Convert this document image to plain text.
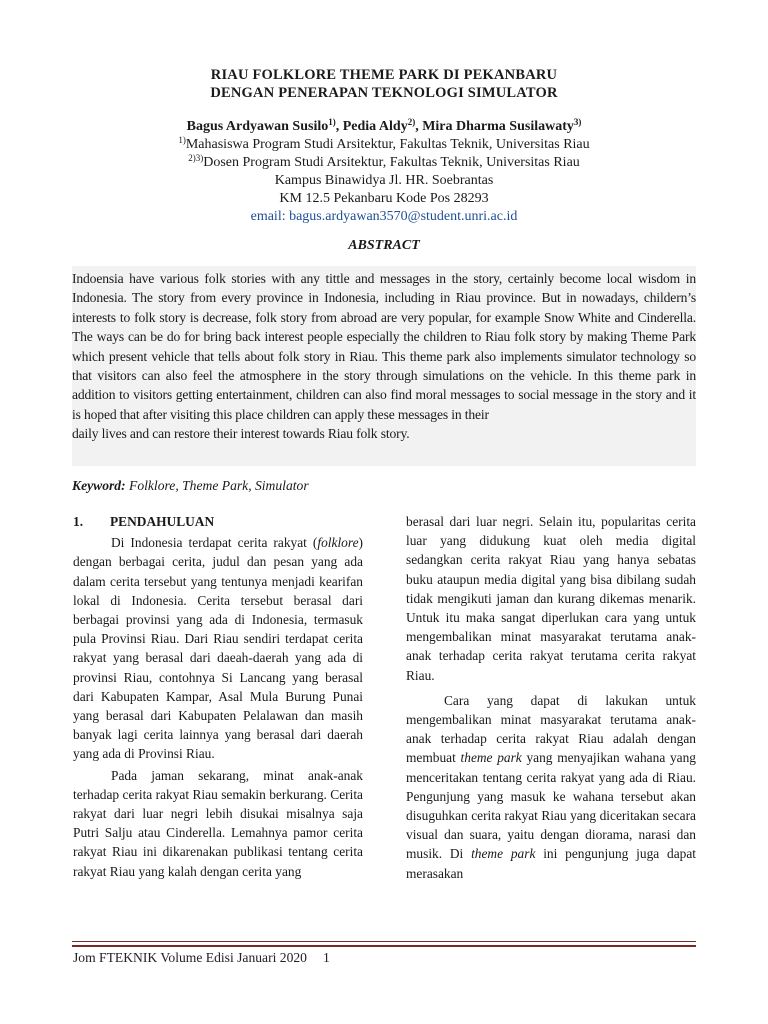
RIAU FOLKLORE THEME PARK DI PEKANBARU
DENGAN PENERAPAN TEKNOLOGI SIMULATOR
Bagus Ardyawan Susilo$^{1)}$, Pedia Aldy$^{2)}$, Mira Dharma Susilawaty$^{3)}$
$^{1)}$Mahasiswa Program Studi Arsitektur, Fakultas Teknik, Universitas Riau
$^{2)3)}$Dosen Program Studi Arsitektur, Fakultas Teknik, Universitas Riau
Kampus Binawidya Jl. HR. Soebrantas
KM 12.5 Pekanbaru Kode Pos 28293
email: bagus.ardyawan3570@student.unri.ac.id
ABSTRACT

Indoensia have various folk stories with any tittle and messages in the story, certainly become local wisdom in Indonesia. The story from every province in Indonesia, including in Riau province. But in nowadays, childern’s interests to folk story is decrease, folk story from abroad are very popular, for example Snow White and Cinderella. The ways can be do for bring back interest people especially the children to Riau folk story by making Theme Park which present vehicle that tells about folk story in Riau. This theme park also implements simulator technology so that visitors can also feel the atmosphere in the story through simulations on the vehicle. In this theme park in addition to visitors getting entertainment, children can also find moral messages to social message in the story and it is hoped that after visiting this place children can apply these messages in their

daily lives and can restore their interest towards Riau folk story.

Keyword: Folklore, Theme Park, Simulator

1. PENDAHULUAN

Di Indonesia terdapat cerita rakyat (folklore) dengan berbagai cerita, judul dan pesan yang ada dalam cerita tersebut yang tentunya menjadi kearifan lokal di Indonesia. Cerita tersebut berasal dari berbagai provinsi yang ada di Indonesia, termasuk pula Provinsi Riau. Dari Riau sendiri terdapat cerita rakyat yang berasal dari daeah-daerah yang ada di provinsi Riau, contohnya Si Lancang yang berasal dari Kabupaten Kampar, Asal Mula Burung Punai yang berasal dari Kabupaten Pelalawan dan masih banyak lagi cerita lainnya yang berasal dari daerah yang ada di Provinsi Riau.

Pada jaman sekarang, minat anak-anak terhadap cerita rakyat Riau semakin berkurang. Cerita rakyat dari luar negri lebih disukai misalnya saja Putri Salju atau Cinderella. Lemahnya pamor cerita rakyat Riau ini dikarenakan publikasi tentang cerita rakyat Riau yang kalah dengan cerita yang

berasal dari luar negri. Selain itu, popularitas cerita luar yang didukung kuat oleh media digital sedangkan cerita rakyat Riau yang hanya sebatas buku ataupun media digital yang bisa dibilang sudah tidak mengikuti jaman dan kurang dikemas menarik. Untuk itu maka sangat diperlukan cara yang untuk mengembalikan minat masyarakat terutama anak-anak terhadap cerita rakyat terutama cerita rakyat Riau.

Cara yang dapat di lakukan untuk mengembalikan minat masyarakat terutama anak-anak terhadap cerita rakyat Riau adalah dengan membuat theme park yang menyajikan wahana yang menceritakan tentang cerita rakyat yang ada di Riau. Pengunjung yang masuk ke wahana tersebut akan disuguhkan cerita rakyat Riau yang diceritakan secara visual dan suara, yaitu dengan diorama, narasi dan musik. Di theme park ini pengunjung juga dapat merasakan

Jom FTEKNIK Volume Edisi Januari 2020 1
